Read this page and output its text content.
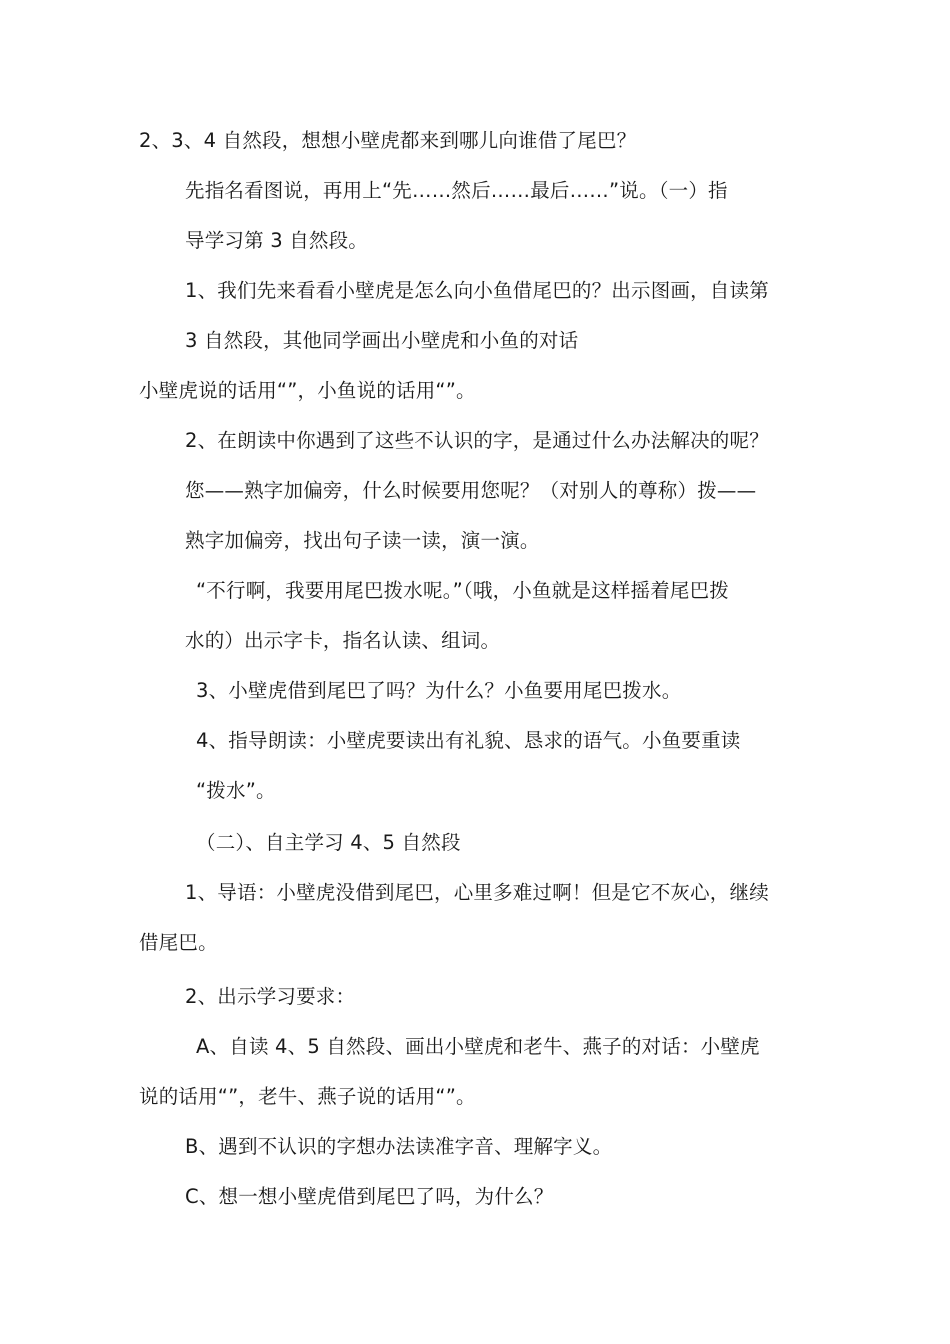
2、3、4 自然段，想想小壁虎都来到哪儿向谁借了尾巴？
先指名看图说，再用上“先……然后……最后……”说。（一）指
导学习第 3 自然段。
1、我们先来看看小壁虎是怎么向小鱼借尾巴的？出示图画，自读第
3 自然段，其他同学画出小壁虎和小鱼的对话
小壁虎说的话用“”，小鱼说的话用“”。
2、在朗读中你遇到了这些不认识的字，是通过什么办法解决的呢？
您——熟字加偏旁，什么时候要用您呢？（对别人的尊称）拨——
熟字加偏旁，找出句子读一读，演一演。
“不行啊，我要用尾巴拨水呢。”（哦，小鱼就是这样摇着尾巴拨
水的）出示字卡，指名认读、组词。
3、小壁虎借到尾巴了吗？为什么？小鱼要用尾巴拨水。
4、指导朗读：小壁虎要读出有礼貌、恳求的语气。小鱼要重读
“拨水”。
（二）、自主学习 4、5 自然段
1、导语：小壁虎没借到尾巴，心里多难过啊！但是它不灰心，继续
借尾巴。
2、出示学习要求：
A、自读 4、5 自然段、画出小壁虎和老牛、燕子的对话：小壁虎
说的话用“”，老牛、燕子说的话用“”。
B、遇到不认识的字想办法读准字音、理解字义。
C、想一想小壁虎借到尾巴了吗，为什么？
